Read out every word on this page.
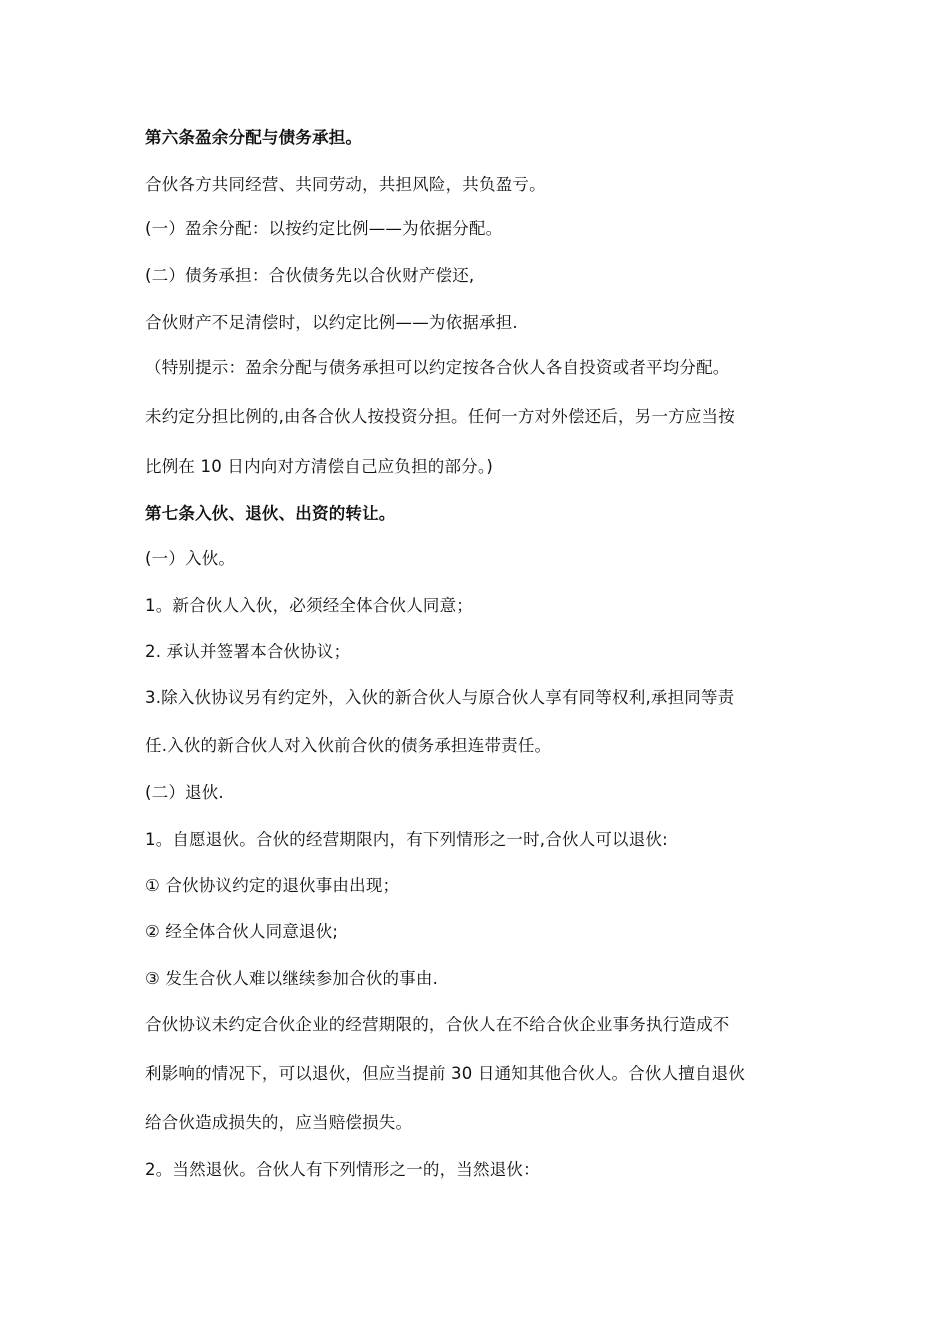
第六条盈余分配与债务承担。
合伙各方共同经营、共同劳动，共担风险，共负盈亏。
(一）盈余分配：以按约定比例——为依据分配。
(二）债务承担：合伙债务先以合伙财产偿还,
合伙财产不足清偿时，以约定比例——为依据承担.
（特别提示：盈余分配与债务承担可以约定按各合伙人各自投资或者平均分配。
未约定分担比例的,由各合伙人按投资分担。任何一方对外偿还后，另一方应当按
比例在 10 日内向对方清偿自己应负担的部分。)
第七条入伙、退伙、出资的转让。
(一）入伙。
1。新合伙人入伙，必须经全体合伙人同意；
2. 承认并签署本合伙协议；
3.除入伙协议另有约定外，入伙的新合伙人与原合伙人享有同等权利,承担同等责
任.入伙的新合伙人对入伙前合伙的债务承担连带责任。
(二）退伙.
1。自愿退伙。合伙的经营期限内，有下列情形之一时,合伙人可以退伙:
① 合伙协议约定的退伙事由出现；
② 经全体合伙人同意退伙;
③ 发生合伙人难以继续参加合伙的事由.
合伙协议未约定合伙企业的经营期限的，合伙人在不给合伙企业事务执行造成不
利影响的情况下，可以退伙，但应当提前 30 日通知其他合伙人。合伙人擅自退伙
给合伙造成损失的，应当赔偿损失。
2。当然退伙。合伙人有下列情形之一的，当然退伙：
